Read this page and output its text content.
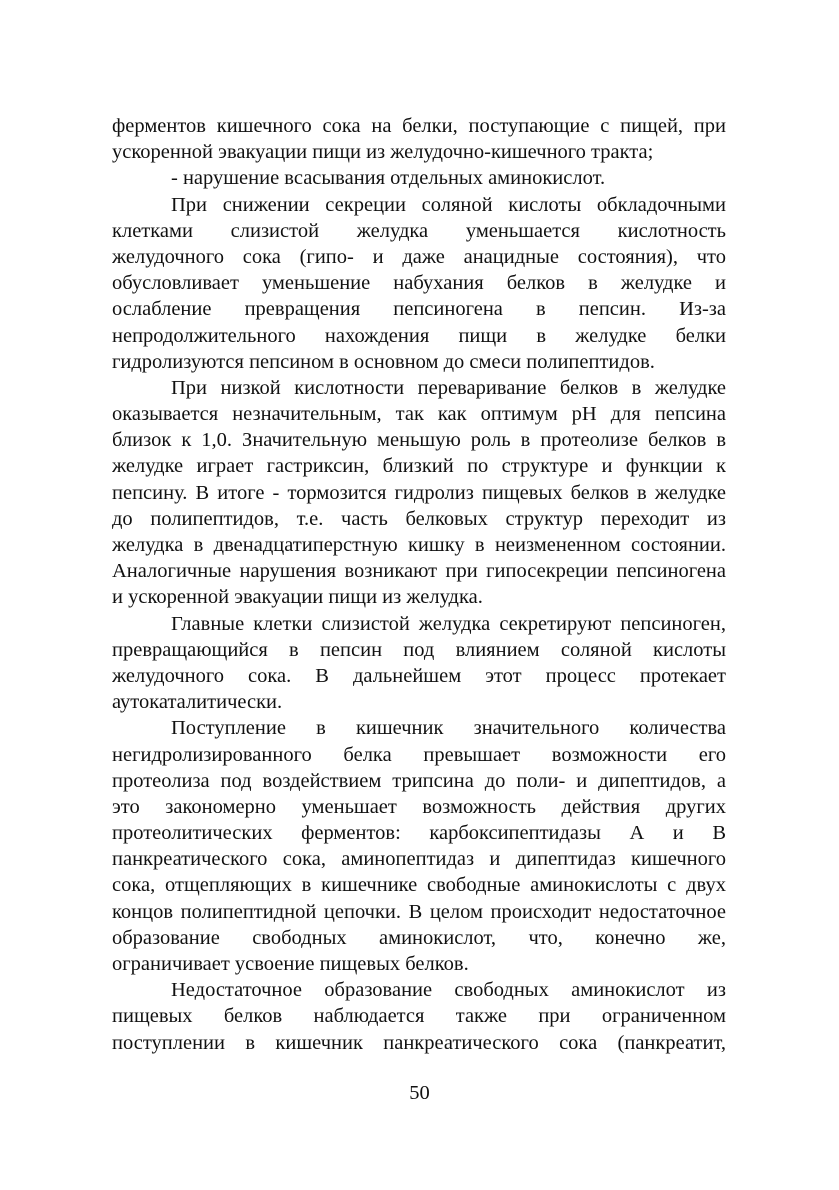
ферментов кишечного сока на белки, поступающие с пищей, при
ускоренной эвакуации пищи из желудочно-кишечного тракта;
- нарушение всасывания отдельных аминокислот.
При снижении секреции соляной кислоты обкладочными
клетками слизистой желудка уменьшается кислотность
желудочного сока (гипо- и даже анацидные состояния), что
обусловливает уменьшение набухания белков в желудке и
ослабление превращения пепсиногена в пепсин. Из-за
непродолжительного нахождения пищи в желудке белки
гидролизуются пепсином в основном до смеси полипептидов.
При низкой кислотности переваривание белков в желудке
оказывается незначительным, так как оптимум pH для пепсина
близок к 1,0. Значительную меньшую роль в протеолизе белков в
желудке играет гастриксин, близкий по структуре и функции к
пепсину. В итоге - тормозится гидролиз пищевых белков в желудке
до полипептидов, т.е. часть белковых структур переходит из
желудка в двенадцатиперстную кишку в неизмененном состоянии.
Аналогичные нарушения возникают при гипосекреции пепсиногена
и ускоренной эвакуации пищи из желудка.
Главные клетки слизистой желудка секретируют пепсиноген,
превращающийся в пепсин под влиянием соляной кислоты
желудочного сока. В дальнейшем этот процесс протекает
аутокаталитически.
Поступление в кишечник значительного количества
негидролизированного белка превышает возможности его
протеолиза под воздействием трипсина до поли- и дипептидов, а
это закономерно уменьшает возможность действия других
протеолитических ферментов: карбоксипептидазы А и В
панкреатического сока, аминопептидаз и дипептидаз кишечного
сока, отщепляющих в кишечнике свободные аминокислоты с двух
концов полипептидной цепочки. В целом происходит недостаточное
образование свободных аминокислот, что, конечно же,
ограничивает усвоение пищевых белков.
Недостаточное образование свободных аминокислот из
пищевых белков наблюдается также при ограниченном
поступлении в кишечник панкреатического сока (панкреатит,
50
